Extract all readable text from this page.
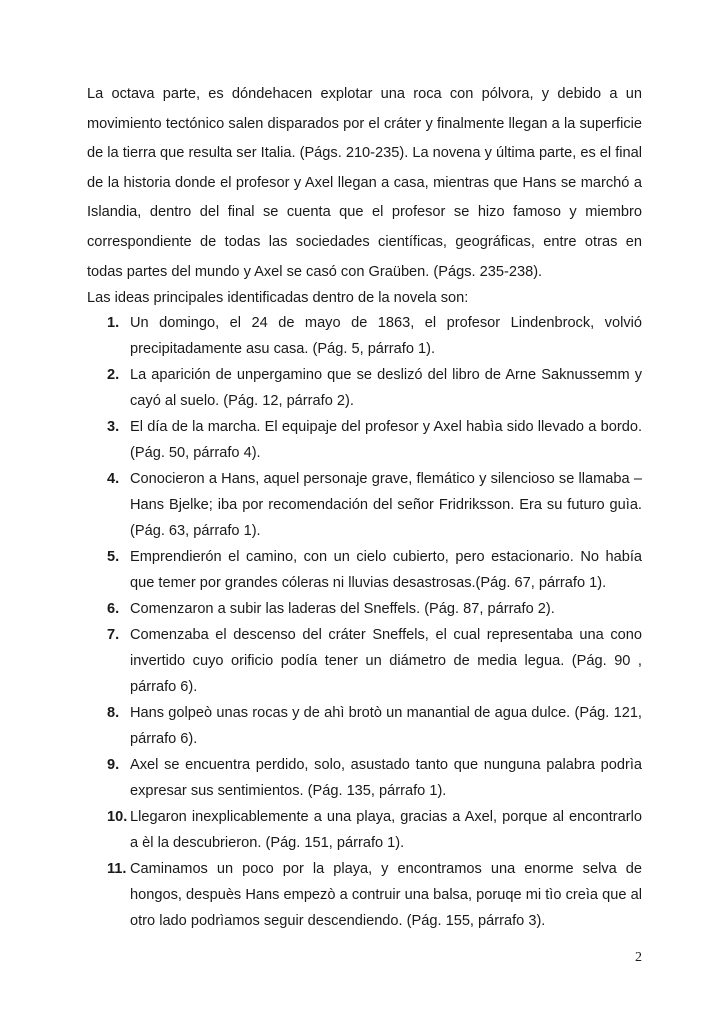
La octava parte, es dóndehacen explotar una roca con pólvora, y debido a un movimiento tectónico salen disparados por el cráter y finalmente llegan a la superficie de la tierra que resulta ser Italia. (Págs. 210-235). La novena y última parte, es el final de la historia donde el profesor y Axel llegan a casa, mientras que Hans se marchó a Islandia, dentro del final se cuenta que el profesor se hizo famoso y miembro correspondiente de todas las sociedades científicas, geográficas, entre otras en todas partes del mundo y Axel se casó con Graüben. (Págs. 235-238).

Las ideas principales identificadas dentro de la novela son:

1. Un domingo, el 24 de mayo de 1863, el profesor Lindenbrock, volvió precipitadamente asu casa. (Pág. 5, párrafo 1).
2. La aparición de unpergamino que se deslizó del libro de Arne Saknussemm y cayó al suelo. (Pág. 12, párrafo 2).
3. El día de la marcha. El equipaje del profesor y Axel habìa sido llevado a bordo. (Pág. 50, párrafo 4).
4. Conocieron a Hans, aquel personaje grave, flemático y silencioso se llamaba –Hans Bjelke; iba por recomendación del señor Fridriksson. Era su futuro guìa. (Pág. 63, párrafo 1).
5. Emprendierón el camino, con un cielo cubierto, pero estacionario. No había que temer por grandes cóleras ni lluvias desastrosas.(Pág. 67, párrafo 1).
6. Comenzaron a subir las laderas del Sneffels. (Pág. 87, párrafo 2).
7. Comenzaba el descenso del cráter Sneffels, el cual representaba una cono invertido cuyo orificio podía tener un diámetro de media legua. (Pág. 90 , párrafo 6).
8. Hans golpeò unas rocas y de ahì brotò un manantial de agua dulce. (Pág. 121, párrafo 6).
9. Axel se encuentra perdido, solo, asustado tanto que nunguna palabra podrìa expresar sus sentimientos. (Pág. 135, párrafo 1).
10. Llegaron inexplicablemente a una playa, gracias a Axel, porque al encontrarlo a èl la descubrieron. (Pág. 151, párrafo 1).
11. Caminamos un poco por la playa, y encontramos una enorme selva de hongos, despuès Hans empezò a contruir una balsa, poruqe mi tìo creìa que al otro lado podrìamos seguir descendiendo. (Pág. 155, párrafo 3).
2
